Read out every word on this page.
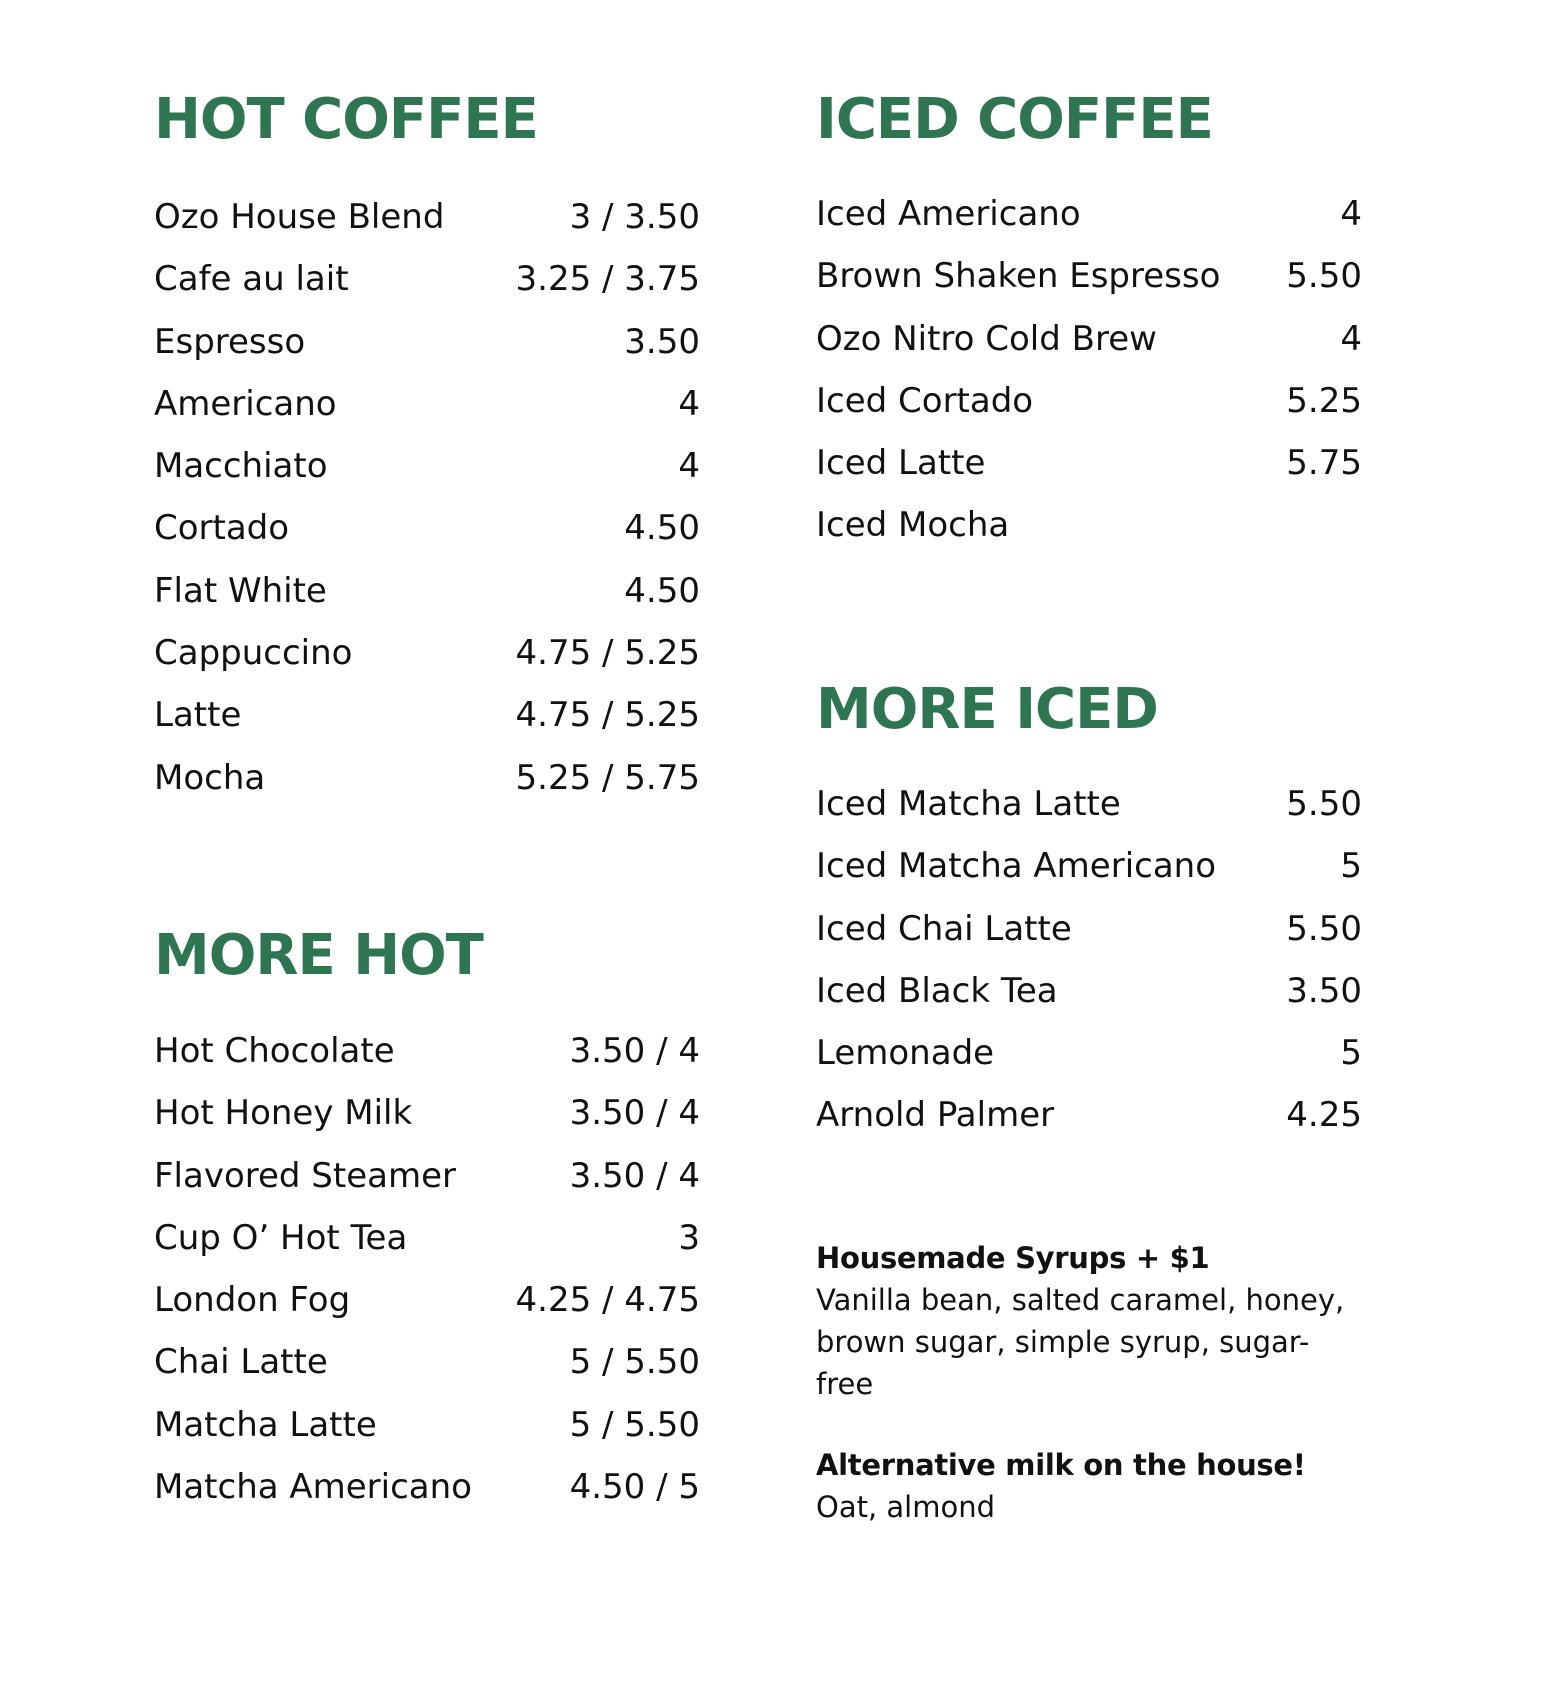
HOT COFFEE
Ozo House Blend	3 / 3.50
Cafe au lait	3.25 / 3.75
Espresso	3.50
Americano	4
Macchiato	4
Cortado	4.50
Flat White	4.50
Cappuccino	4.75 / 5.25
Latte	4.75 / 5.25
Mocha	5.25 / 5.75
MORE HOT
Hot Chocolate	3.50 / 4
Hot Honey Milk	3.50 / 4
Flavored Steamer	3.50 / 4
Cup O’ Hot Tea	3
London Fog	4.25 / 4.75
Chai Latte	5 / 5.50
Matcha Latte	5 / 5.50
Matcha Americano	4.50 / 5
ICED COFFEE
Iced Americano	4
Brown Shaken Espresso 5.50
Ozo Nitro Cold Brew	4
Iced Cortado	5.25
Iced Latte	5.75
Iced Mocha
MORE ICED
Iced Matcha Latte	5.50
Iced Matcha Americano	5
Iced Chai Latte	5.50
Iced Black Tea	3.50
Lemonade	5
Arnold Palmer	4.25

Housemade Syrups + $1

Vanilla bean, salted caramel, honey, brown sugar, simple syrup, sugar-free

Alternative milk on the house!

Oat, almond
